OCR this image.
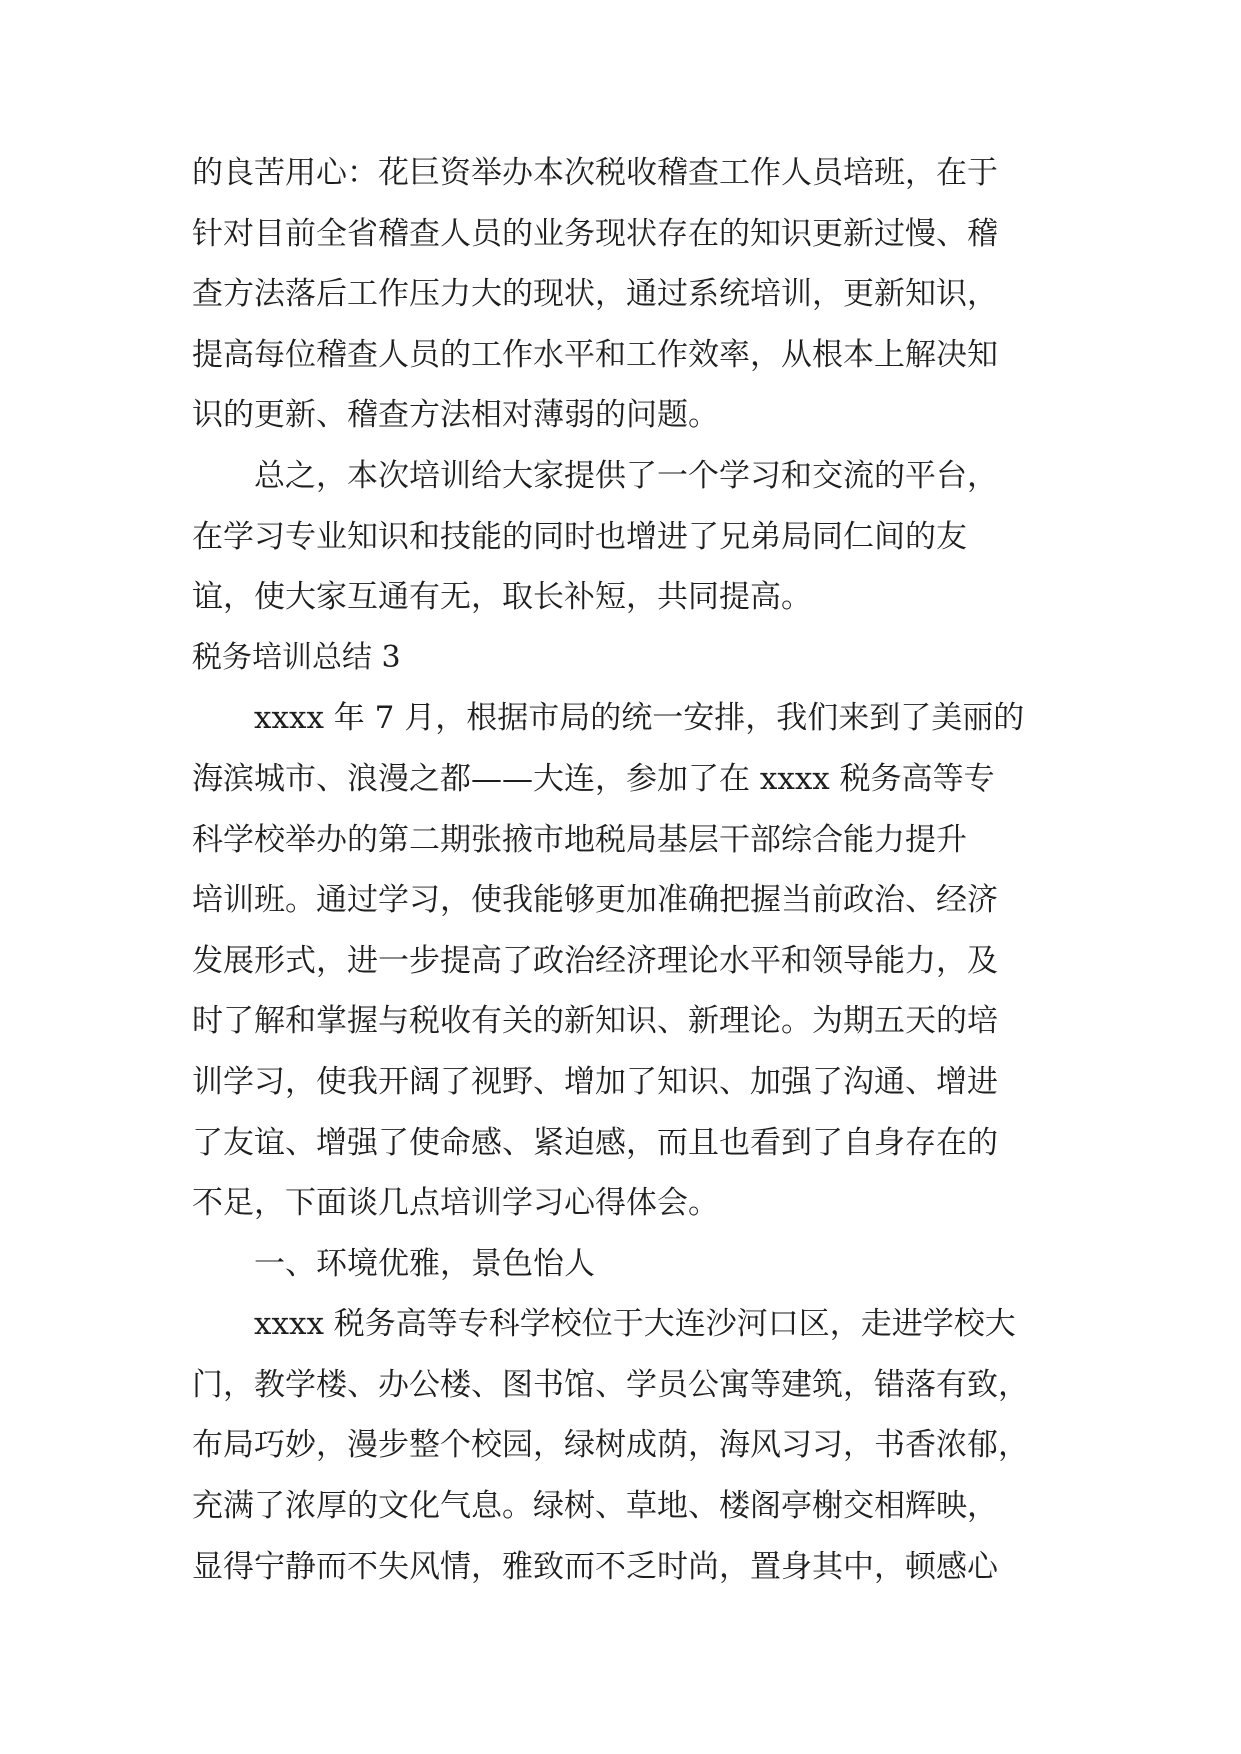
的良苦用心：花巨资举办本次税收稽查工作人员培班，在于
针对目前全省稽查人员的业务现状存在的知识更新过慢、稽
查方法落后工作压力大的现状，通过系统培训，更新知识，
提高每位稽查人员的工作水平和工作效率，从根本上解决知
识的更新、稽查方法相对薄弱的问题。
总之，本次培训给大家提供了一个学习和交流的平台，
在学习专业知识和技能的同时也增进了兄弟局同仁间的友
谊，使大家互通有无，取长补短，共同提高。
税务培训总结 3
xxxx 年 7 月，根据市局的统一安排，我们来到了美丽的
海滨城市、浪漫之都——大连，参加了在 xxxx 税务高等专
科学校举办的第二期张掖市地税局基层干部综合能力提升
培训班。通过学习，使我能够更加准确把握当前政治、经济
发展形式，进一步提高了政治经济理论水平和领导能力，及
时了解和掌握与税收有关的新知识、新理论。为期五天的培
训学习，使我开阔了视野、增加了知识、加强了沟通、增进
了友谊、增强了使命感、紧迫感，而且也看到了自身存在的
不足，下面谈几点培训学习心得体会。
一、环境优雅，景色怡人
xxxx 税务高等专科学校位于大连沙河口区，走进学校大
门，教学楼、办公楼、图书馆、学员公寓等建筑，错落有致，
布局巧妙，漫步整个校园，绿树成荫，海风习习，书香浓郁，
充满了浓厚的文化气息。绿树、草地、楼阁亭榭交相辉映，
显得宁静而不失风情，雅致而不乏时尚，置身其中，顿感心
